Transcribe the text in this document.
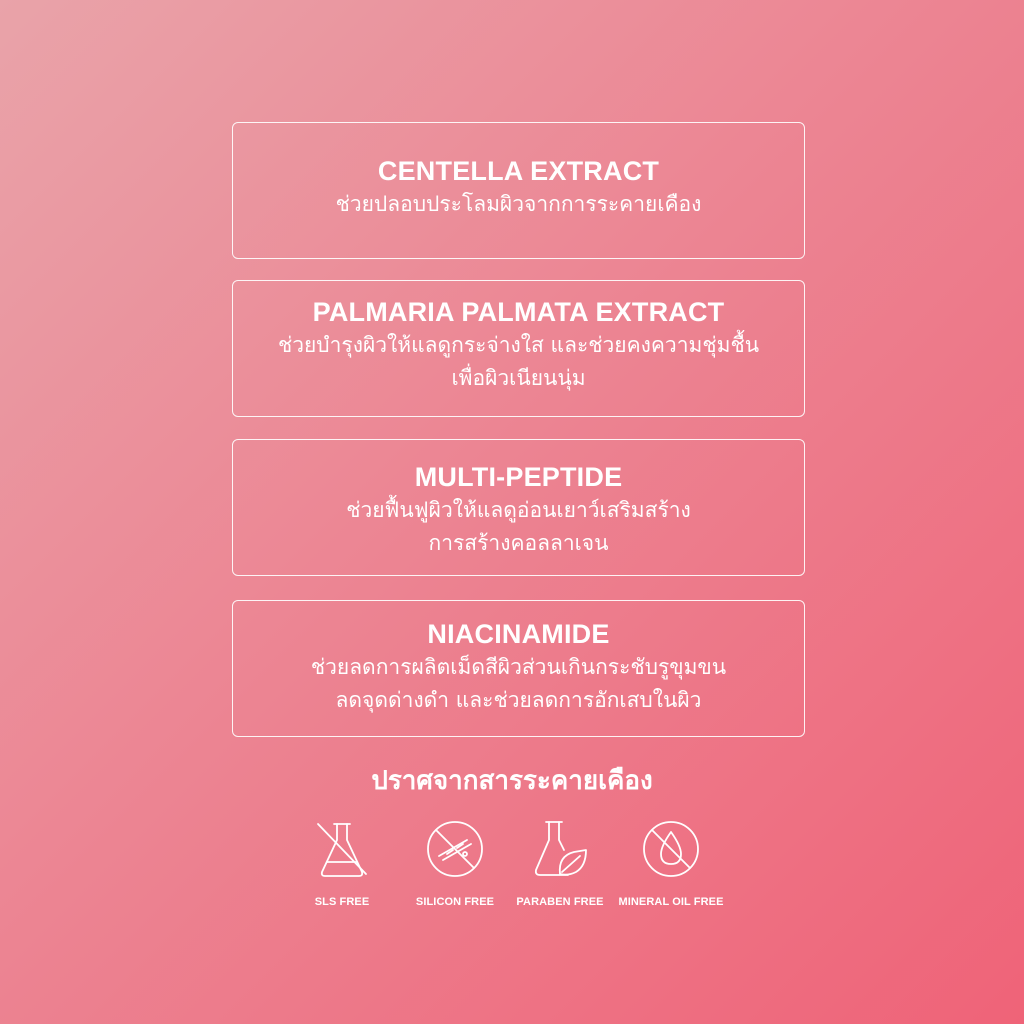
CENTELLA EXTRACT
ช่วยปลอบประโลมผิวจากการระคายเคือง
PALMARIA PALMATA EXTRACT
ช่วยบำรุงผิวให้แลดูกระจ่างใส และช่วยคงความชุ่มชื้น
เพื่อผิวเนียนนุ่ม
MULTI-PEPTIDE
ช่วยฟื้นฟูผิวให้แลดูอ่อนเยาว์เสริมสร้าง
การสร้างคอลลาเจน
NIACINAMIDE
ช่วยลดการผลิตเม็ดสีผิวส่วนเกินกระชับรูขุมขน
ลดจุดด่างดำ และช่วยลดการอักเสบในผิว
ปราศจากสารระคายเคือง
SLS FREE	SILICON FREE	PARABEN FREE	MINERAL OIL FREE
